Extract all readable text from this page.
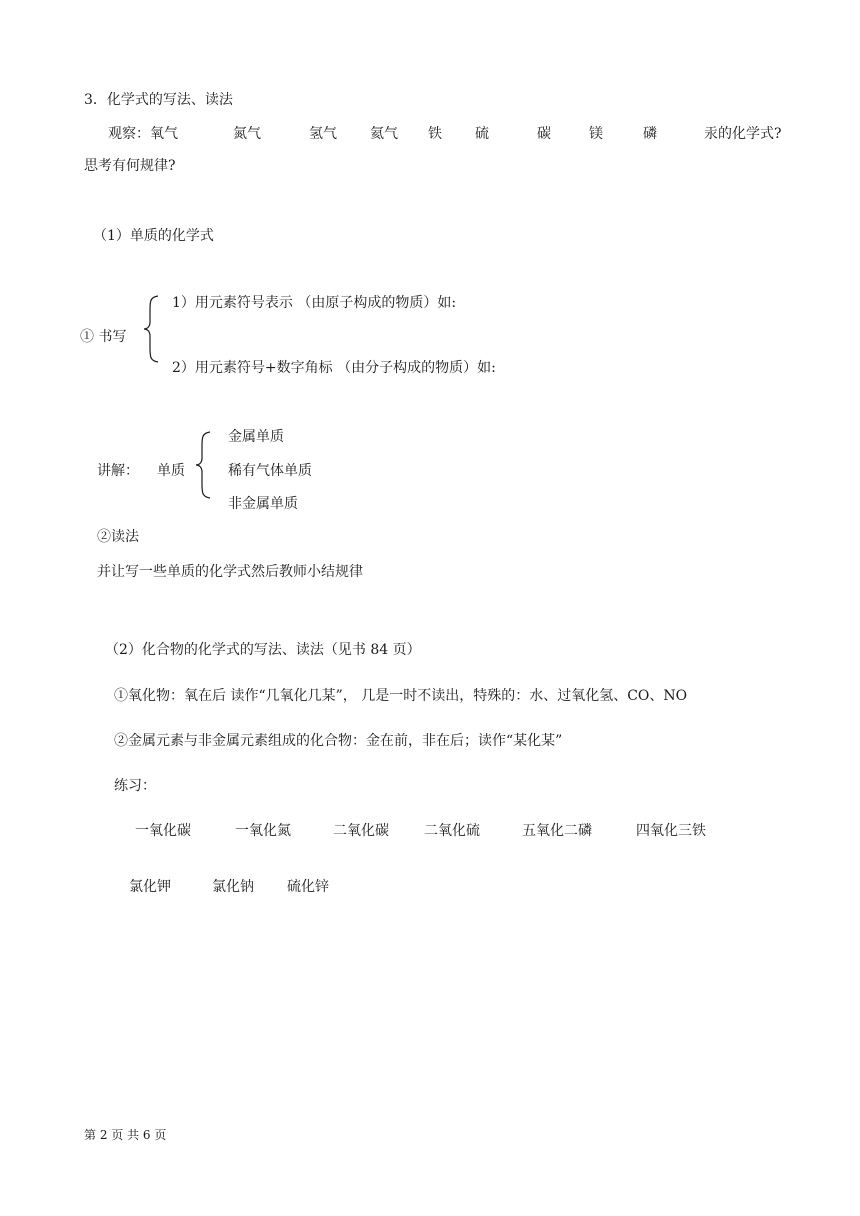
3．化学式的写法、读法
观察： 氧气	氮气	氢气 氦气 铁 硫	碳	镁	磷	汞的化学式?
思考有何规律?
（1）单质的化学式
① 书写
1）用元素符号表示 （由原子构成的物质）如:
2）用元素符号+数字角标 （由分子构成的物质）如:
讲解： 单质
金属单质
稀有气体单质
非金属单质
②读法
并让写一些单质的化学式然后教师小结规律
（2）化合物的化学式的写法、读法（见书 84 页）
①氧化物：氧在后 读作“几氧化几某”， 几是一时不读出，特殊的：水、过氧化氢、CO、NO
②金属元素与非金属元素组成的化合物：金在前，非在后；读作“某化某”
练习：
一氧化碳	一氧化氮	二氧化碳	二氧化硫	五氧化二磷	四氧化三铁
氯化钾	氯化钠 硫化锌
第 2 页 共 6 页
